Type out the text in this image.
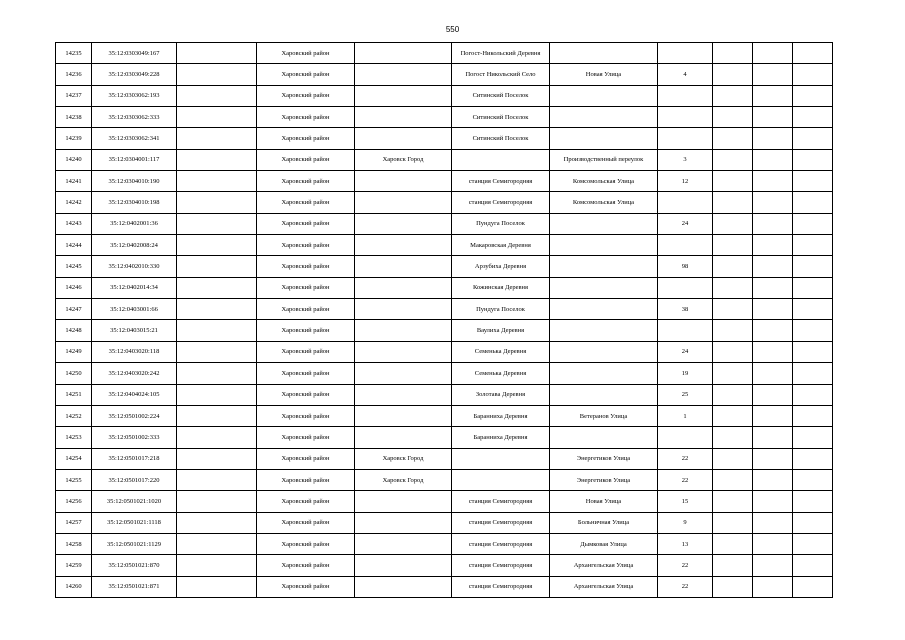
550
14235	35:12:0303049:167		Харовский район		Погост-Никольский Деревня					
14236	35:12:0303049:228		Харовский район		Погост Никольский Село	Новая Улица	4			
14237	35:12:0303062:193		Харовский район		Ситинский Поселок					
14238	35:12:0303062:333		Харовский район		Ситинский Поселок					
14239	35:12:0303062:341		Харовский район		Ситинский Поселок					
14240	35:12:0304001:117		Харовский район	Харовск Город		Производственный переулок	3			
14241	35:12:0304010:190		Харовский район		станция Семигородняя	Комсомольская Улица	12			
14242	35:12:0304010:198		Харовский район		станция Семигородняя	Комсомольская Улица				
14243	35:12:0402001:36		Харовский район		Пундуга Поселок		24			
14244	35:12:0402008:24		Харовский район		Макаровская Деревня					
14245	35:12:0402010:330		Харовский район		Арзубиха Деревня		98			
14246	35:12:0402014:34		Харовский район		Кожинская Деревня					
14247	35:12:0403001:66		Харовский район		Пундуга Поселок		38			
14248	35:12:0403015:21		Харовский район		Ваулиха Деревня					
14249	35:12:0403020:118		Харовский район		Семенька Деревня		24			
14250	35:12:0403020:242		Харовский район		Семенька Деревня		19			
14251	35:12:0404024:105		Харовский район		Золотава Деревня		25			
14252	35:12:0501002:224		Харовский район		Баранниха Деревня	Ветеранов Улица	1			
14253	35:12:0501002:333		Харовский район		Баранниха Деревня					
14254	35:12:0501017:218		Харовский район	Харовск Город		Энергетиков Улица	22			
14255	35:12:0501017:220		Харовский район	Харовск Город		Энергетиков Улица	22			
14256	35:12:0501021:1020		Харовский район		станция Семигородняя	Новая Улица	15			
14257	35:12:0501021:1118		Харовский район		станция Семигородняя	Больничная Улица	9			
14258	35:12:0501021:1129		Харовский район		станция Семигородняя	Дымковая Улица	13			
14259	35:12:0501021:870		Харовский район		станция Семигородняя	Архангельская Улица	22			
14260	35:12:0501021:871		Харовский район		станция Семигородняя	Архангельская Улица	22			
